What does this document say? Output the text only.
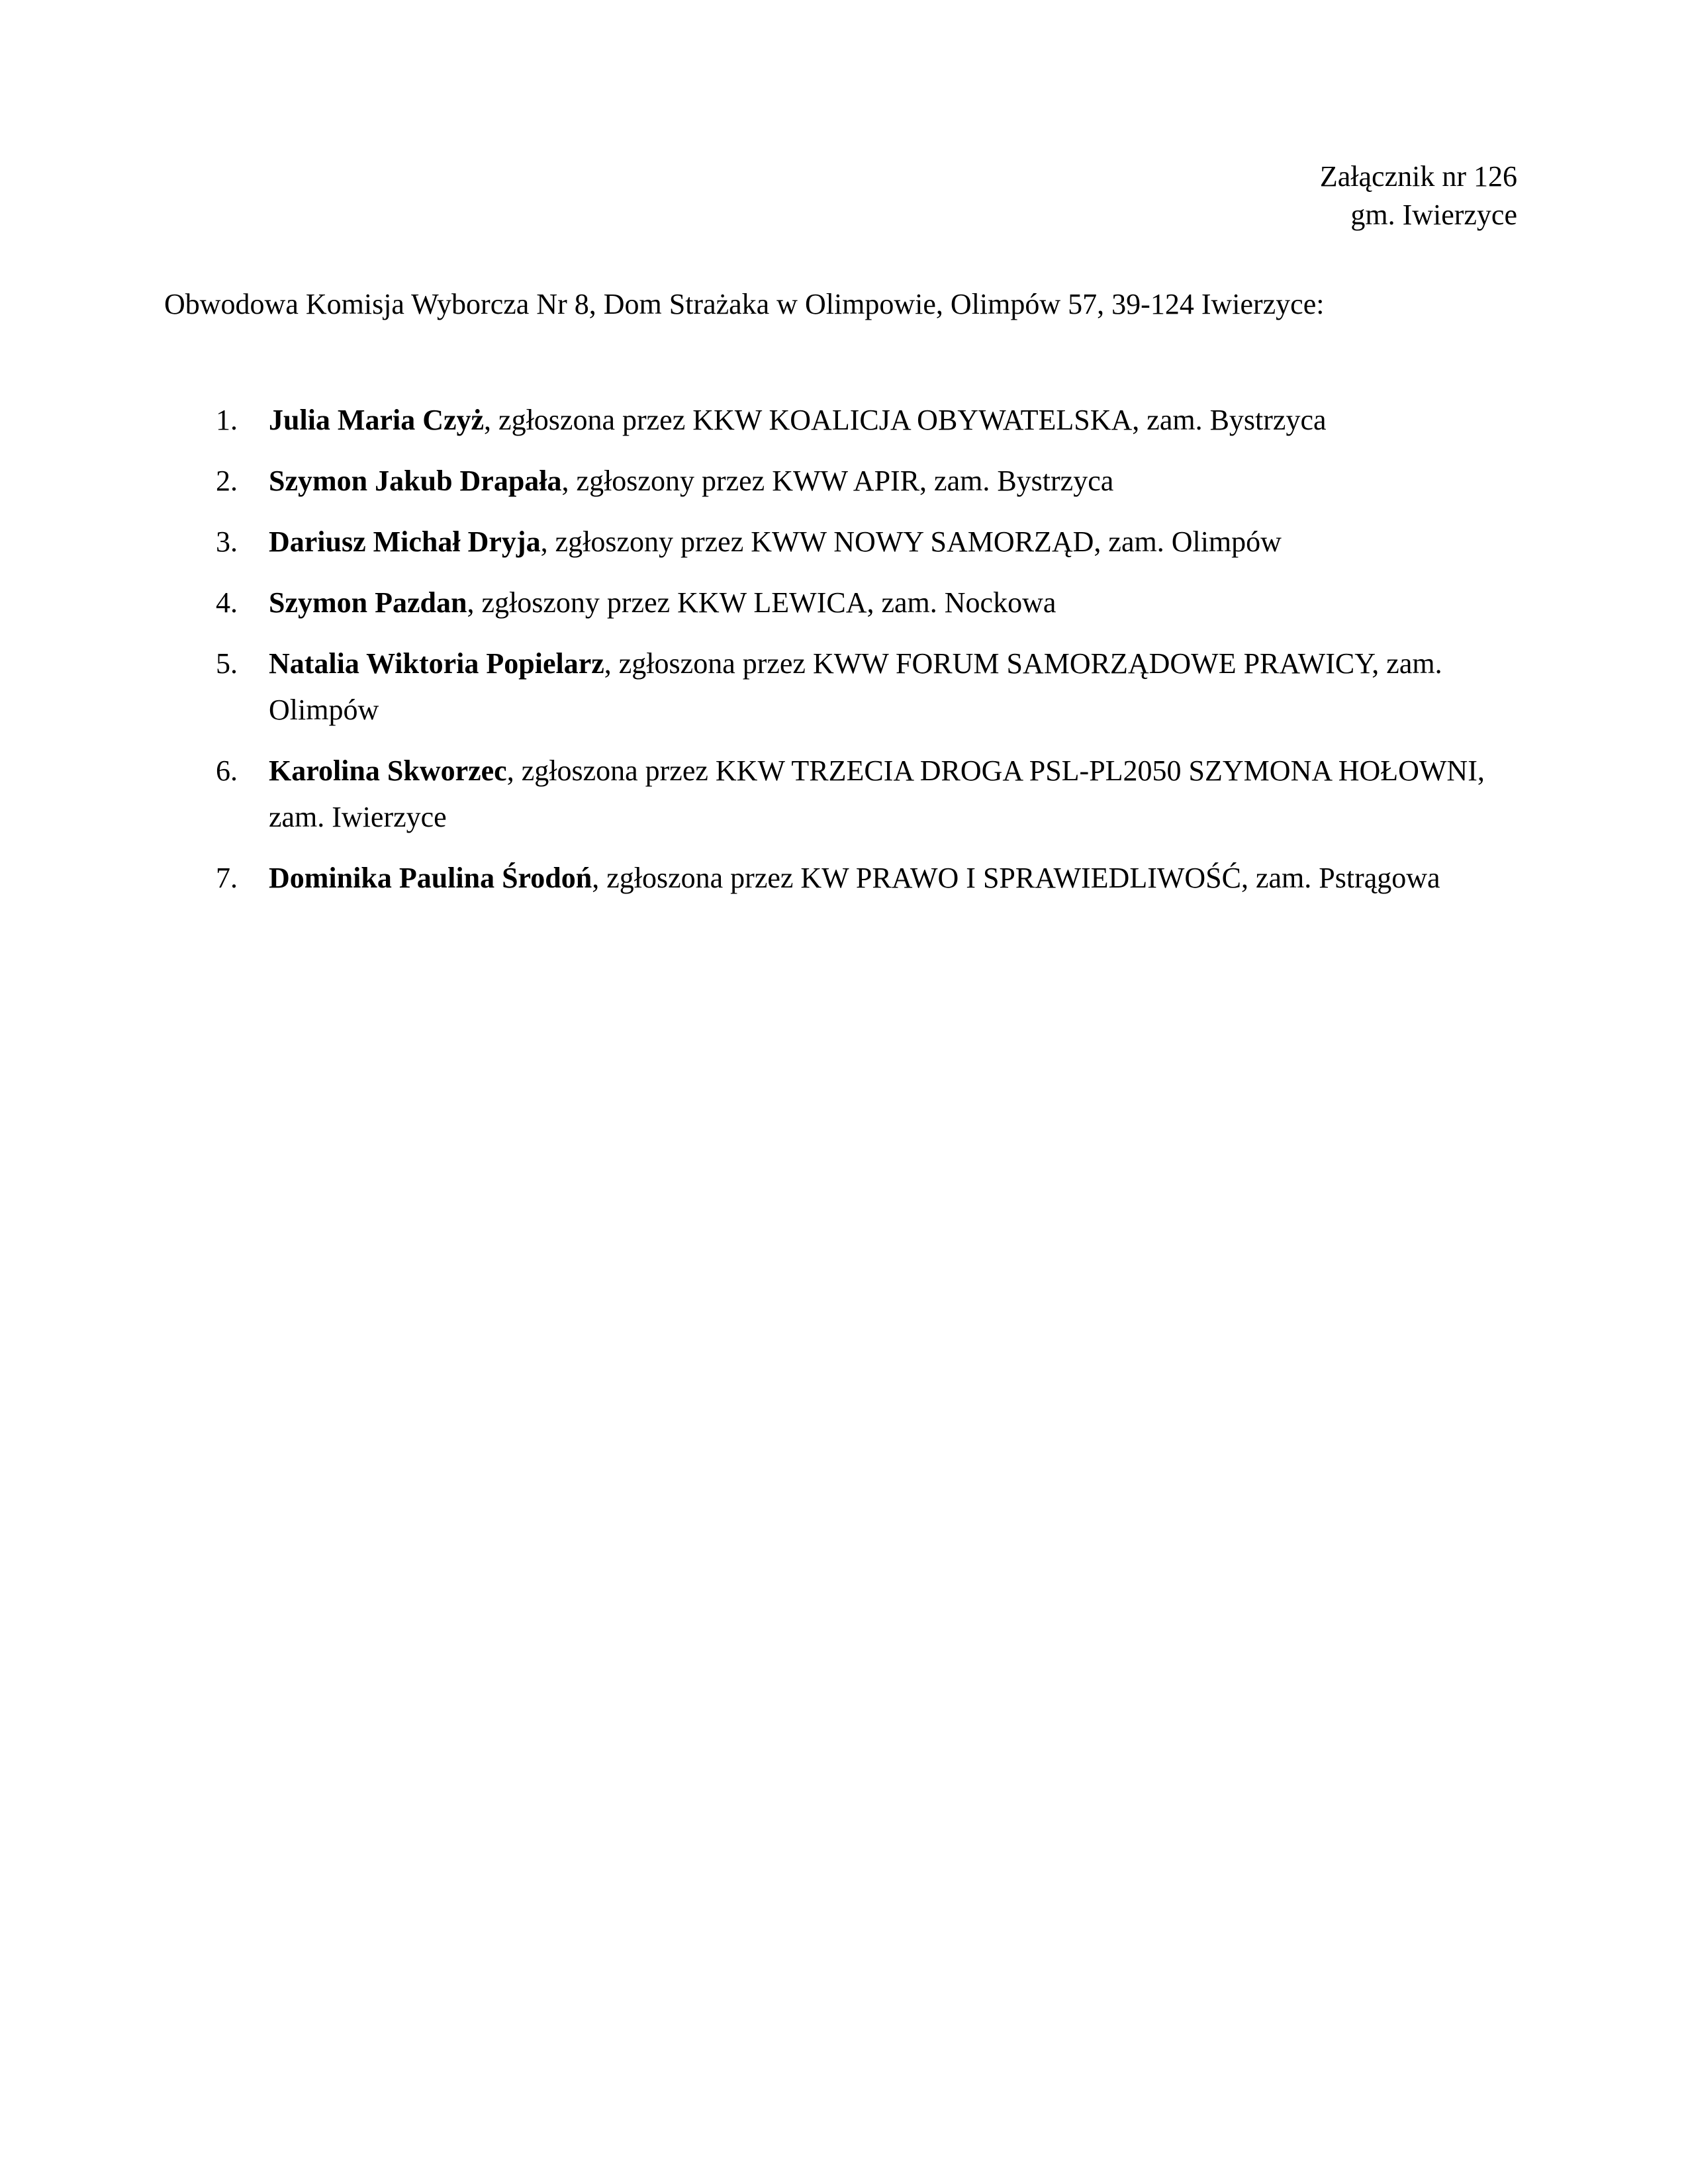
Załącznik nr 126
gm. Iwierzyce
Obwodowa Komisja Wyborcza Nr 8, Dom Strażaka w Olimpowie, Olimpów 57, 39-124 Iwierzyce:
1. Julia Maria Czyż, zgłoszona przez KKW KOALICJA OBYWATELSKA, zam. Bystrzyca
2. Szymon Jakub Drapała, zgłoszony przez KWW APIR, zam. Bystrzyca
3. Dariusz Michał Dryja, zgłoszony przez KWW NOWY SAMORZĄD, zam. Olimpów
4. Szymon Pazdan, zgłoszony przez KKW LEWICA, zam. Nockowa
5. Natalia Wiktoria Popielarz, zgłoszona przez KWW FORUM SAMORZĄDOWE PRAWICY, zam. Olimpów
6. Karolina Skworzec, zgłoszona przez KKW TRZECIA DROGA PSL-PL2050 SZYMONA HOŁOWNI, zam. Iwierzyce
7. Dominika Paulina Środoń, zgłoszona przez KW PRAWO I SPRAWIEDLIWOŚĆ, zam. Pstrągowa
